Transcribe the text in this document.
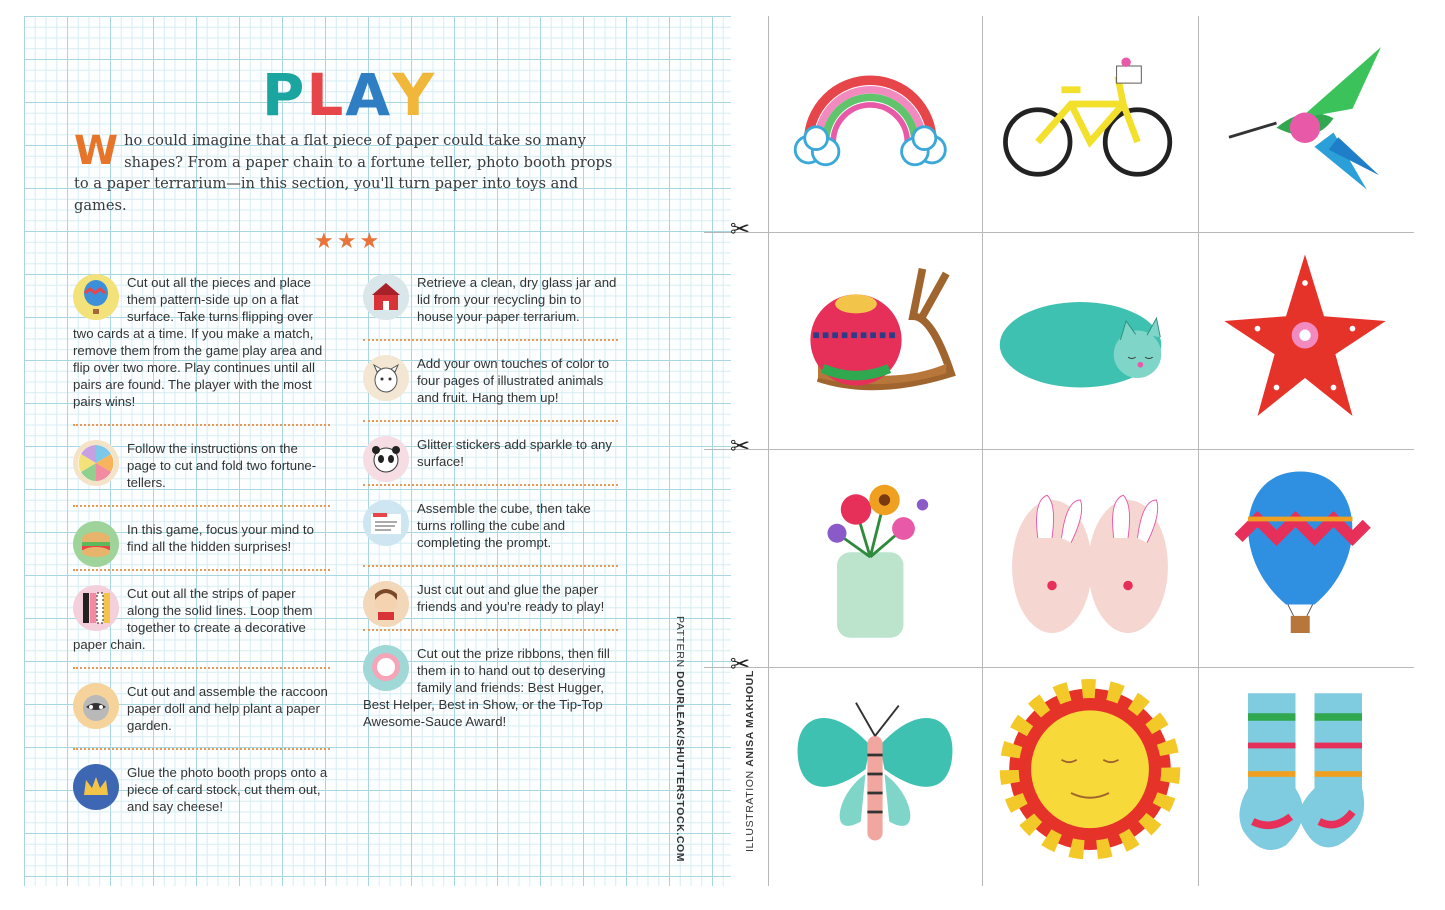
PLAY
Who could imagine that a flat piece of paper could take so many shapes? From a paper chain to a fortune teller, photo booth props to a paper terrarium—in this section, you'll turn paper into toys and games.
★★★
Cut out all the pieces and place them pattern-side up on a flat surface. Take turns flipping over two cards at a time. If you make a match, remove them from the game play area and flip over two more. Play continues until all pairs are found. The player with the most pairs wins!
Follow the instructions on the page to cut and fold two fortune-tellers.
In this game, focus your mind to find all the hidden surprises!
Cut out all the strips of paper along the solid lines. Loop them together to create a decorative paper chain.
Cut out and assemble the raccoon paper doll and help plant a paper garden.
Glue the photo booth props onto a piece of card stock, cut them out, and say cheese!
Retrieve a clean, dry glass jar and lid from your recycling bin to house your paper terrarium.
Add your own touches of color to four pages of illustrated animals and fruit. Hang them up!
Glitter stickers add sparkle to any surface!
Assemble the cube, then take turns rolling the cube and completing the prompt.
Just cut out and glue the paper friends and you're ready to play!
Cut out the prize ribbons, then fill them in to hand out to deserving family and friends: Best Hugger, Best Helper, Best in Show, or the Tip-Top Awesome-Sauce Award!
PATTERN DOURLEAK/SHUTTERSTOCK.COM	ILLUSTRATION ANISA MAKHOUL
✂
✂
✂
